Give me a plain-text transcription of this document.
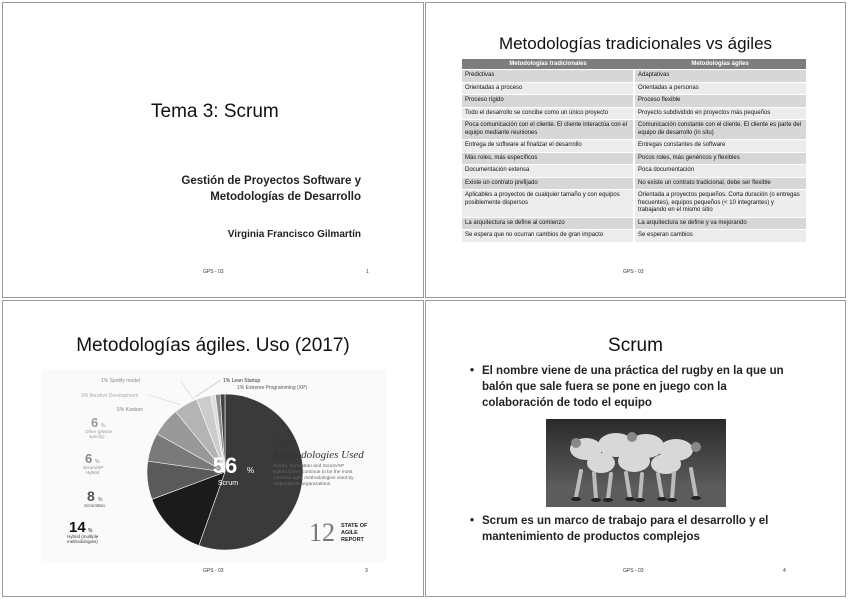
Tema 3: Scrum
Gestión de Proyectos Software y
Metodologías de Desarrollo
Virginia Francisco Gilmartín
GPS - 03	1
Metodologías tradicionales vs ágiles
Metodologías tradicionales	Metodologías ágiles
Predictivas	Adaptativas
Orientadas a proceso	Orientadas a personas
Proceso rígido	Proceso flexible
Todo el desarrollo se concibe como un único proyecto	Proyecto subdividido en proyectos más pequeños
Poca comunicación con el cliente. El cliente interactúa con el equipo mediante reuniones	Comunicación constante con el cliente. El cliente es parte del equipo de desarrollo (in situ)
Entrega de software al finalizar el desarrollo	Entregas constantes de software
Más roles, más específicos	Pocos roles, más genéricos y flexibles
Documentación extensa	Poca documentación
Existe un contrato prefijado	No existe un contrato tradicional, debe ser flexible
Aplicables a proyectos de cualquier tamaño y con equipos posiblemente dispersos	Orientada a proyectos pequeños. Corta duración (o entregas frecuentes), equipos pequeños (< 10 integrantes) y trabajando en el mismo sitio
La arquitectura se define al comienzo	La arquitectura se define y va mejorando
Se espera que no ocurran cambios de gran impacto	Se esperan cambios
GPS - 03
Metodologías ágiles. Uso (2017)
56 %
Scrum
Agile
Methodologies Used
Scrum, ScrumBan and Scrum/XP
Hybrid (23%) continue to be the most
common agile methodologies used by
respondents' organizations.
1% Spotify model
3% Iterative Development
5% Kanban
1% Lean Startup
1% Extreme Programming (XP)
6 %
Other (please
specify)
6 %
Scrum/XP
Hybrid
8 %
ScrumBan
14 %
Hybrid (multiple
methodologies)	12 STATE OF
AGILE
REPORT
GPS - 03	3
Scrum
• El nombre viene de una práctica del rugby en la que un balón que sale fuera se pone en juego con la colaboración de todo el equipo
• Scrum es un marco de trabajo para el desarrollo y el mantenimiento de productos complejos
GPS - 03	4
